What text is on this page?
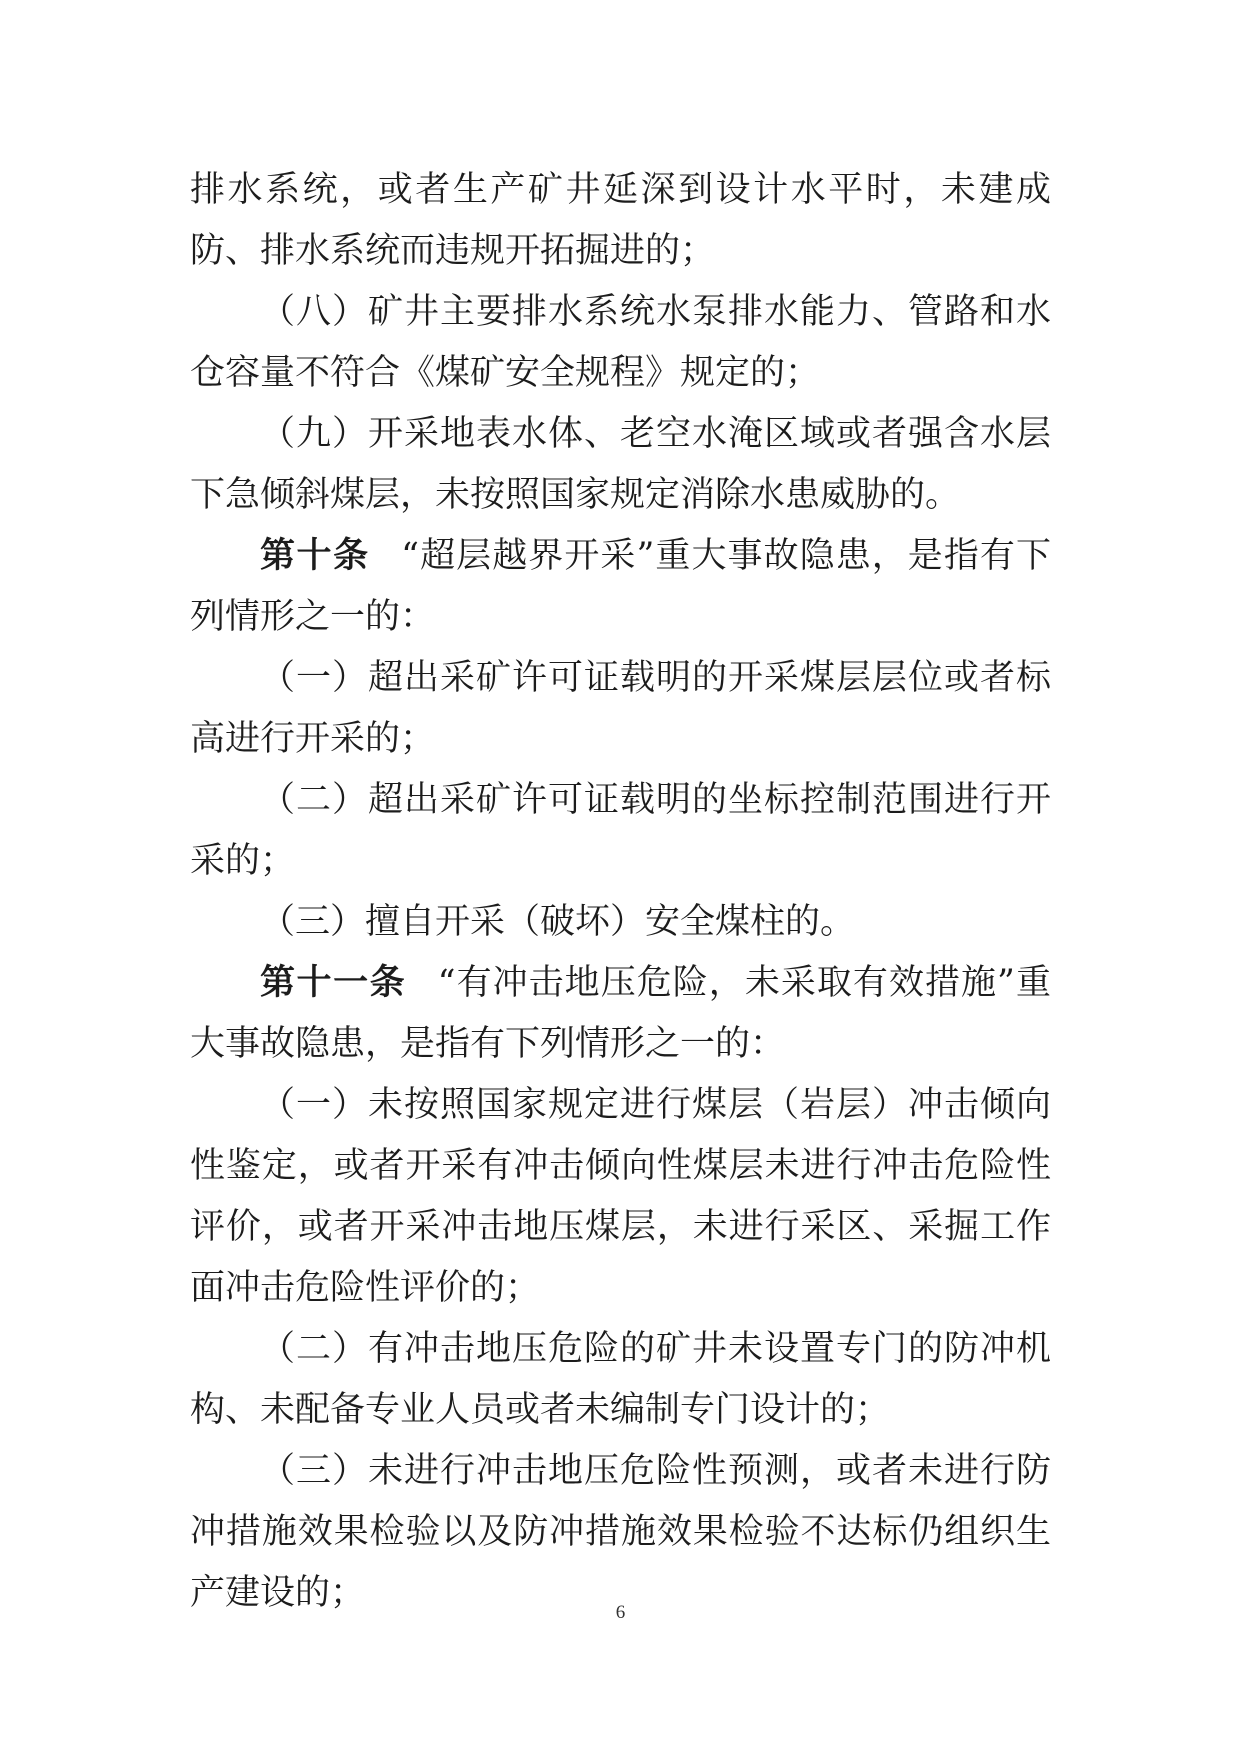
排水系统，或者生产矿井延深到设计水平时，未建成防、排水系统而违规开拓掘进的；

（八）矿井主要排水系统水泵排水能力、管路和水仓容量不符合《煤矿安全规程》规定的；

（九）开采地表水体、老空水淹区域或者强含水层下急倾斜煤层，未按照国家规定消除水患威胁的。

第十条 “超层越界开采”重大事故隐患，是指有下列情形之一的：

（一）超出采矿许可证载明的开采煤层层位或者标高进行开采的；

（二）超出采矿许可证载明的坐标控制范围进行开采的；

（三）擅自开采（破坏）安全煤柱的。

第十一条 “有冲击地压危险，未采取有效措施”重大事故隐患，是指有下列情形之一的：

（一）未按照国家规定进行煤层（岩层）冲击倾向性鉴定，或者开采有冲击倾向性煤层未进行冲击危险性评价，或者开采冲击地压煤层，未进行采区、采掘工作面冲击危险性评价的；

（二）有冲击地压危险的矿井未设置专门的防冲机构、未配备专业人员或者未编制专门设计的；

（三）未进行冲击地压危险性预测，或者未进行防冲措施效果检验以及防冲措施效果检验不达标仍组织生产建设的；	6
